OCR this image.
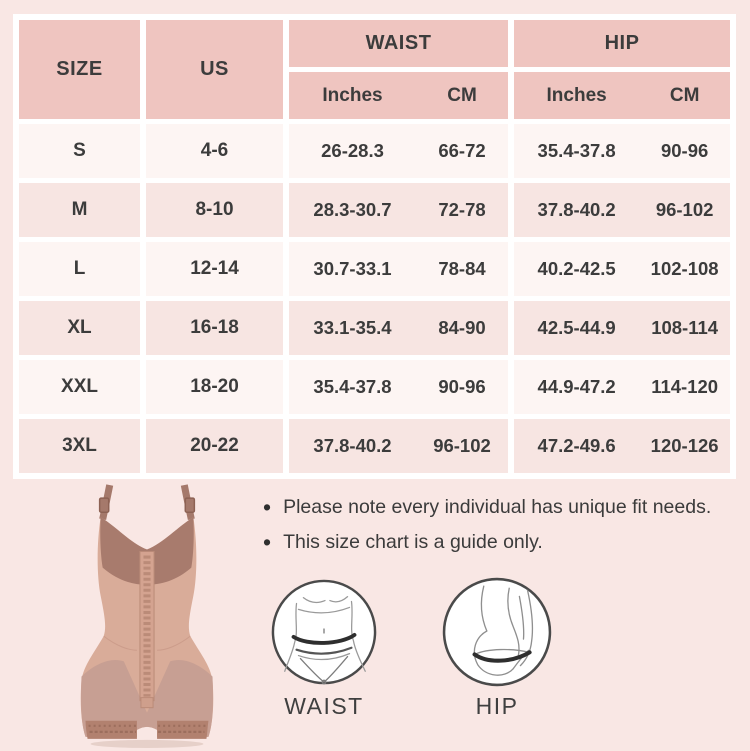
SIZE	US
WAIST	HIP
Inches	CM	Inches	CM
S	4-6	26-28.3	66-72	35.4-37.8	90-96
M	8-10	28.3-30.7	72-78	37.8-40.2	96-102
L	12-14	30.7-33.1	78-84	40.2-42.5	102-108
XL	16-18	33.1-35.4	84-90	42.5-44.9	108-114
XXL	18-20	35.4-37.8	90-96	44.9-47.2	114-120
3XL	20-22	37.8-40.2	96-102	47.2-49.6	120-126
• Please note every individual has unique fit needs.
• This size chart is a guide only.
WAIST	HIP
